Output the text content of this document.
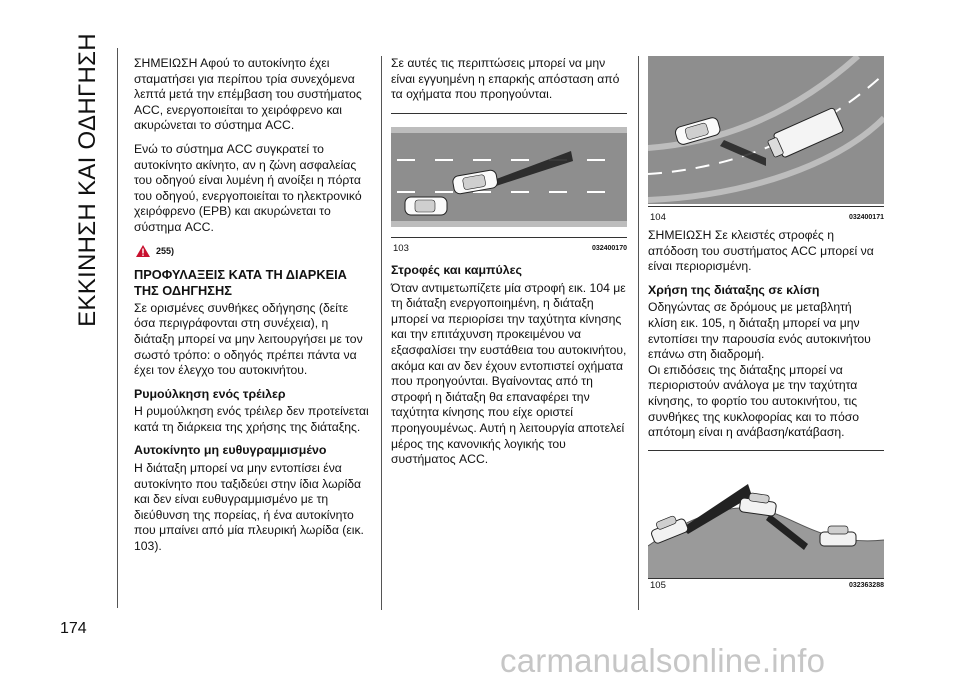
ΕΚΚΙΝΗΣΗ ΚΑΙ ΟΔΗΓΗΣΗ
174
carmanualsonline.info

ΣΗΜΕΙΩΣΗ Αφού το αυτοκίνητο έχει σταματήσει για περίπου τρία συνεχόμενα λεπτά μετά την επέμβαση του συστήματος ACC, ενεργοποιείται το χειρόφρενο και ακυρώνεται το σύστημα ACC.

Ενώ το σύστημα ACC συγκρατεί το αυτοκίνητο ακίνητο, αν η ζώνη ασφαλείας του οδηγού είναι λυμένη ή ανοίξει η πόρτα του οδηγού, ενεργοποιείται το ηλεκτρονικό χειρόφρενο (EPB) και ακυρώνεται το σύστημα ACC.

255)
ΠΡΟΦΥΛΑΞΕΙΣ ΚΑΤΑ ΤΗ ΔΙΑΡΚΕΙΑ ΤΗΣ ΟΔΗΓΗΣΗΣ

Σε ορισμένες συνθήκες οδήγησης (δείτε όσα περιγράφονται στη συνέχεια), η διάταξη μπορεί να μην λειτουργήσει με τον σωστό τρόπο: ο οδηγός πρέπει πάντα να έχει τον έλεγχο του αυτοκινήτου.

Ρυμούλκηση ενός τρέιλερ

Η ρυμούλκηση ενός τρέιλερ δεν προτείνεται κατά τη διάρκεια της χρήσης της διάταξης.

Αυτοκίνητο μη ευθυγραμμισμένο

Η διάταξη μπορεί να μην εντοπίσει ένα αυτοκίνητο που ταξιδεύει στην ίδια λωρίδα και δεν είναι ευθυγραμμισμένο με τη διεύθυνση της πορείας, ή ένα αυτοκίνητο που μπαίνει από μία πλευρική λωρίδα (εικ. 103).

Σε αυτές τις περιπτώσεις μπορεί να μην είναι εγγυημένη η επαρκής απόσταση από τα οχήματα που προηγούνται.

103	032400170
Στροφές και καμπύλες

Όταν αντιμετωπίζετε μία στροφή εικ. 104 με τη διάταξη ενεργοποιημένη, η διάταξη μπορεί να περιορίσει την ταχύτητα κίνησης και την επιτάχυνση προκειμένου να εξασφαλίσει την ευστάθεια του αυτοκινήτου, ακόμα και αν δεν έχουν εντοπιστεί οχήματα που προηγούνται. Βγαίνοντας από τη στροφή η διάταξη θα επαναφέρει την ταχύτητα κίνησης που είχε οριστεί προηγουμένως. Αυτή η λειτουργία αποτελεί μέρος της κανονικής λογικής του συστήματος ACC.

104	032400171

ΣΗΜΕΙΩΣΗ Σε κλειστές στροφές η απόδοση του συστήματος ACC μπορεί να είναι περιορισμένη.

Χρήση της διάταξης σε κλίση

Οδηγώντας σε δρόμους με μεταβλητή κλίση εικ. 105, η διάταξη μπορεί να μην εντοπίσει την παρουσία ενός αυτοκινήτου επάνω στη διαδρομή.

Οι επιδόσεις της διάταξης μπορεί να περιοριστούν ανάλογα με την ταχύτητα κίνησης, το φορτίο του αυτοκινήτου, τις συνθήκες της κυκλοφορίας και το πόσο απότομη είναι η ανάβαση/κατάβαση.

105	032363288
